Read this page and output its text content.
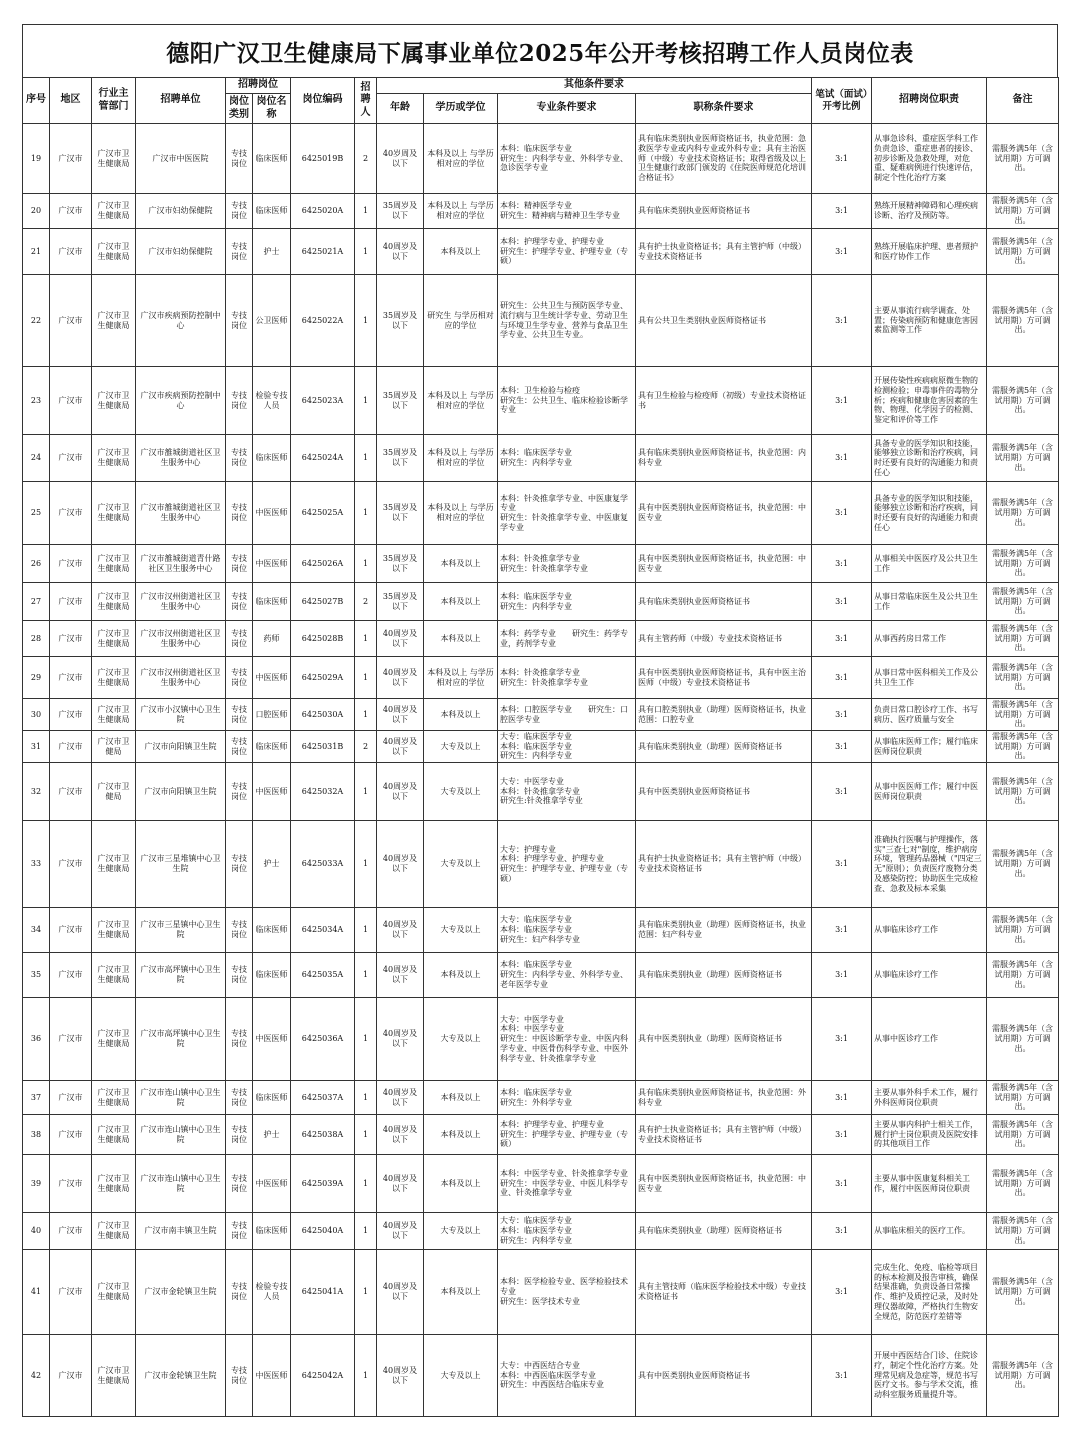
德阳广汉卫生健康局下属事业单位2025年公开考核招聘工作人员岗位表
序号	地区	行业主管部门	招聘单位	招聘岗位		岗位编码	招聘人	其他条件要求				笔试（面试）开考比例	招聘岗位职责	备注
				岗位类别	岗位名称			年龄	学历或学位	专业条件要求	职称条件要求			
19	广汉市	广汉市卫生健康局	广汉市中医医院	专技岗位	临床医师	6425019B	2	40岁周及以下	本科及以上 与学历相对应的学位	本科：临床医学专业
研究生：内科学专业、外科学专业、急诊医学专业	具有临床类别执业医师资格证书，执业范围：急救医学专业或内科专业或外科专业；具有主治医师（中级）专业技术资格证书；取得省级及以上卫生健康行政部门颁发的《住院医师规范化培训合格证书》	3:1	从事急诊科、重症医学科工作负责急诊、重症患者的接诊、初步诊断及急救处理，对危重、疑难病例进行快速评估，制定个性化治疗方案	需服务满5年（含试用期）方可调出。
20	广汉市	广汉市卫生健康局	广汉市妇幼保健院	专技岗位	临床医师	6425020A	1	35周岁及以下	本科及以上 与学历相对应的学位	本科：精神医学专业
研究生：精神病与精神卫生学专业	具有临床类别执业医师资格证书	3:1	熟练开展精神障碍和心理疾病诊断、治疗及预防等。	需服务满5年（含试用期）方可调出。
21	广汉市	广汉市卫生健康局	广汉市妇幼保健院	专技岗位	护士	6425021A	1	40周岁及以下	本科及以上	本科：护理学专业、护理专业
研究生：护理学专业、护理专业（专硕）	具有护士执业资格证书；具有主管护师（中级）专业技术资格证书	3:1	熟练开展临床护理、患者照护和医疗协作工作	需服务满5年（含试用期）方可调出。
22	广汉市	广汉市卫生健康局	广汉市疾病预防控制中心	专技岗位	公卫医师	6425022A	1	35周岁及以下	研究生 与学历相对应的学位	研究生：公共卫生与预防医学专业、流行病与卫生统计学专业、劳动卫生与环境卫生学专业、营养与食品卫生学专业、公共卫生专业。	具有公共卫生类别执业医师资格证书	3:1	主要从事流行病学调查、处置；传染病预防和健康危害因素监测等工作	需服务满5年（含试用期）方可调出。
23	广汉市	广汉市卫生健康局	广汉市疾病预防控制中心	专技岗位	检验专技人员	6425023A	1	35周岁及以下	本科及以上 与学历相对应的学位	本科：卫生检验与检疫
研究生：公共卫生、临床检验诊断学专业	具有卫生检验与检疫师（初级）专业技术资格证书	3:1	开展传染性疾病病原微生物的检测检验；申毒事件的毒物分析；疾病和健康危害因素的生物、物理、化学因子的检测、鉴定和评价等工作	需服务满5年（含试用期）方可调出。
24	广汉市	广汉市卫生健康局	广汉市雒城街道社区卫生服务中心	专技岗位	临床医师	6425024A	1	35周岁及以下	本科及以上 与学历相对应的学位	本科：临床医学专业
研究生：内科学专业	具有临床类别执业医师资格证书，执业范围：内科专业	3:1	具备专业的医学知识和技能，能够独立诊断和治疗疾病，同时还要有良好的沟通能力和责任心	需服务满5年（含试用期）方可调出。
25	广汉市	广汉市卫生健康局	广汉市雒城街道社区卫生服务中心	专技岗位	中医医师	6425025A	1	35周岁及以下	本科及以上 与学历相对应的学位	本科：针灸推拿学专业、中医康复学专业
研究生：针灸推拿学专业、中医康复学专业	具有中医类别执业医师资格证书，执业范围：中医专业	3:1	具备专业的医学知识和技能，能够独立诊断和治疗疾病，同时还要有良好的沟通能力和责任心	需服务满5年（含试用期）方可调出。
26	广汉市	广汉市卫生健康局	广汉市雒城街道青什路社区卫生服务中心	专技岗位	中医医师	6425026A	1	35周岁及以下	本科及以上	本科：针灸推拿学专业
研究生：针灸推拿学专业	具有中医类别执业医师资格证书，执业范围：中医专业	3:1	从事相关中医医疗及公共卫生工作	需服务满5年（含试用期）方可调出。
27	广汉市	广汉市卫生健康局	广汉市汉州街道社区卫生服务中心	专技岗位	临床医师	6425027B	2	35周岁及以下	本科及以上	本科：临床医学专业
研究生：内科学专业	具有临床类别执业医师资格证书	3:1	从事日常临床医生及公共卫生工作	需服务满5年（含试用期）方可调出。
28	广汉市	广汉市卫生健康局	广汉市汉州街道社区卫生服务中心	专技岗位	药师	6425028B	1	40周岁及以下	本科及以上	本科：药学专业　　研究生：药学专业，药剂学专业	具有主管药师（中级）专业技术资格证书	3:1	从事西药房日常工作	需服务满5年（含试用期）方可调出。
29	广汉市	广汉市卫生健康局	广汉市汉州街道社区卫生服务中心	专技岗位	中医医师	6425029A	1	40周岁及以下	本科及以上 与学历相对应的学位	本科：针灸推拿学专业
研究生：针灸推拿学专业	具有中医类别执业医师资格证书，具有中医主治医师（中级）专业技术资格证书	3:1	从事日常中医科相关工作及公共卫生工作	需服务满5年（含试用期）方可调出。
30	广汉市	广汉市卫生健康局	广汉市小汉镇中心卫生院	专技岗位	口腔医师	6425030A	1	40周岁及以下	本科及以上	本科：口腔医学专业　　研究生：口腔医学专业	具有口腔类别执业（助理）医师资格证书，执业范围：口腔专业	3:1	负责日常口腔诊疗工作、书写病历、医疗质量与安全	需服务满5年（含试用期）方可调出。
31	广汉市	广汉市卫健局	广汉市向阳镇卫生院	专技岗位	临床医师	6425031B	2	40周岁及以下	大专及以上	大专：临床医学专业
本科：临床医学专业
研究生：内科学专业	具有临床类别执业（助理）医师资格证书	3:1	从事临床医师工作；履行临床医师岗位职责	需服务满5年（含试用期）方可调出。
32	广汉市	广汉市卫健局	广汉市向阳镇卫生院	专技岗位	中医医师	6425032A	1	40周岁及以下	大专及以上	大专：中医学专业
本科：针灸推拿学专业
研究生:针灸推拿学专业	具有中医类别执业医师资格证书	3:1	从事中医医师工作；履行中医医师岗位职责	需服务满5年（含试用期）方可调出。
33	广汉市	广汉市卫生健康局	广汉市三星堆镇中心卫生院	专技岗位	护士	6425033A	1	40周岁及以下	大专及以上	大专：护理专业
本科：护理学专业、护理专业
研究生：护理学专业、护理专业（专硕）	具有护士执业资格证书；具有主管护师（中级）专业技术资格证书	3:1	准确执行医嘱与护理操作，落实"三查七对"制度，维护病房环境，管理药品器械（"四定三无"原则）；负责医疗废物分类及感染防控；协助医生完成检查、急救及标本采集	需服务满5年（含试用期）方可调出。
34	广汉市	广汉市卫生健康局	广汉市三星镇中心卫生院	专技岗位	临床医师	6425034A	1	40周岁及以下	大专及以上	大专：临床医学专业
本科：临床医学专业
研究生：妇产科学专业	具有临床类别执业（助理）医师资格证书，执业范围：妇产科专业	3:1	从事临床诊疗工作	需服务满5年（含试用期）方可调出。
35	广汉市	广汉市卫生健康局	广汉市高坪镇中心卫生院	专技岗位	临床医师	6425035A	1	40周岁及以下	本科及以上	本科：临床医学专业
研究生：内科学专业、外科学专业、老年医学专业	具有临床类别执业（助理）医师资格证书	3:1	从事临床诊疗工作	需服务满5年（含试用期）方可调出。
36	广汉市	广汉市卫生健康局	广汉市高坪镇中心卫生院	专技岗位	中医医师	6425036A	1	40周岁及以下	大专及以上	大专：中医学专业
本科：中医学专业
研究生：中医诊断学专业、中医内科学专业、中医骨伤科学专业、中医外科学专业、针灸推拿学专业	具有中医类别执业（助理）医师资格证书	3:1	从事中医诊疗工作	需服务满5年（含试用期）方可调出。
37	广汉市	广汉市卫生健康局	广汉市连山镇中心卫生院	专技岗位	临床医师	6425037A	1	40周岁及以下	本科及以上	本科：临床医学专业
研究生：外科学专业	具有临床类别执业医师资格证书，执业范围：外科专业	3:1	主要从事外科手术工作，履行外科医师岗位职责	需服务满5年（含试用期）方可调出。
38	广汉市	广汉市卫生健康局	广汉市连山镇中心卫生院	专技岗位	护士	6425038A	1	40周岁及以下	本科及以上	本科：护理学专业、护理专业
研究生：护理学专业、护理专业（专硕）	具有护士执业资格证书；具有主管护师（中级）专业技术资格证书	3:1	主要从事内科护士相关工作，履行护士岗位职责及医院安排的其他项目工作	需服务满5年（含试用期）方可调出。
39	广汉市	广汉市卫生健康局	广汉市连山镇中心卫生院	专技岗位	中医医师	6425039A	1	40周岁及以下	本科及以上	本科：中医学专业、针灸推拿学专业
研究生：中医学专业、中医儿科学专业、针灸推拿学专业	具有中医类别执业医师资格证书，执业范围：中医专业	3:1	主要从事中医康复科相关工作，履行中医医师岗位职责	需服务满5年（含试用期）方可调出。
40	广汉市	广汉市卫生健康局	广汉市南丰镇卫生院	专技岗位	临床医师	6425040A	1	40周岁及以下	大专及以上	大专：临床医学专业
本科：临床医学专业
研究生：内科学专业	具有临床类别执业（助理）医师资格证书	3:1	从事临床相关的医疗工作。	需服务满5年（含试用期）方可调出。
41	广汉市	广汉市卫生健康局	广汉市金轮镇卫生院	专技岗位	检验专技人员	6425041A	1	40周岁及以下	本科及以上	本科：医学检验专业、医学检验技术专业
研究生：医学技术专业	具有主管技师（临床医学检验技术中级）专业技术资格证书	3:1	完成生化、免疫、临检等项目的标本检测及报告审核，确保结果准确，负责设备日常操作、维护及质控记录，及时处理仪器故障，严格执行生物安全规范，防范医疗差错等	需服务满5年（含试用期）方可调出。
42	广汉市	广汉市卫生健康局	广汉市金轮镇卫生院	专技岗位	中医医师	6425042A	1	40周岁及以下	大专及以上	大专：中西医结合专业
本科：中西医临床医学专业
研究生：中西医结合临床专业	具有中医类别执业医师资格证书	3:1	开展中西医结合门诊、住院诊疗，制定个性化治疗方案。处理常见病及急症等，规范书写医疗文书。参与学术交流，推动科室服务质量提升等。	需服务满5年（含试用期）方可调出。
